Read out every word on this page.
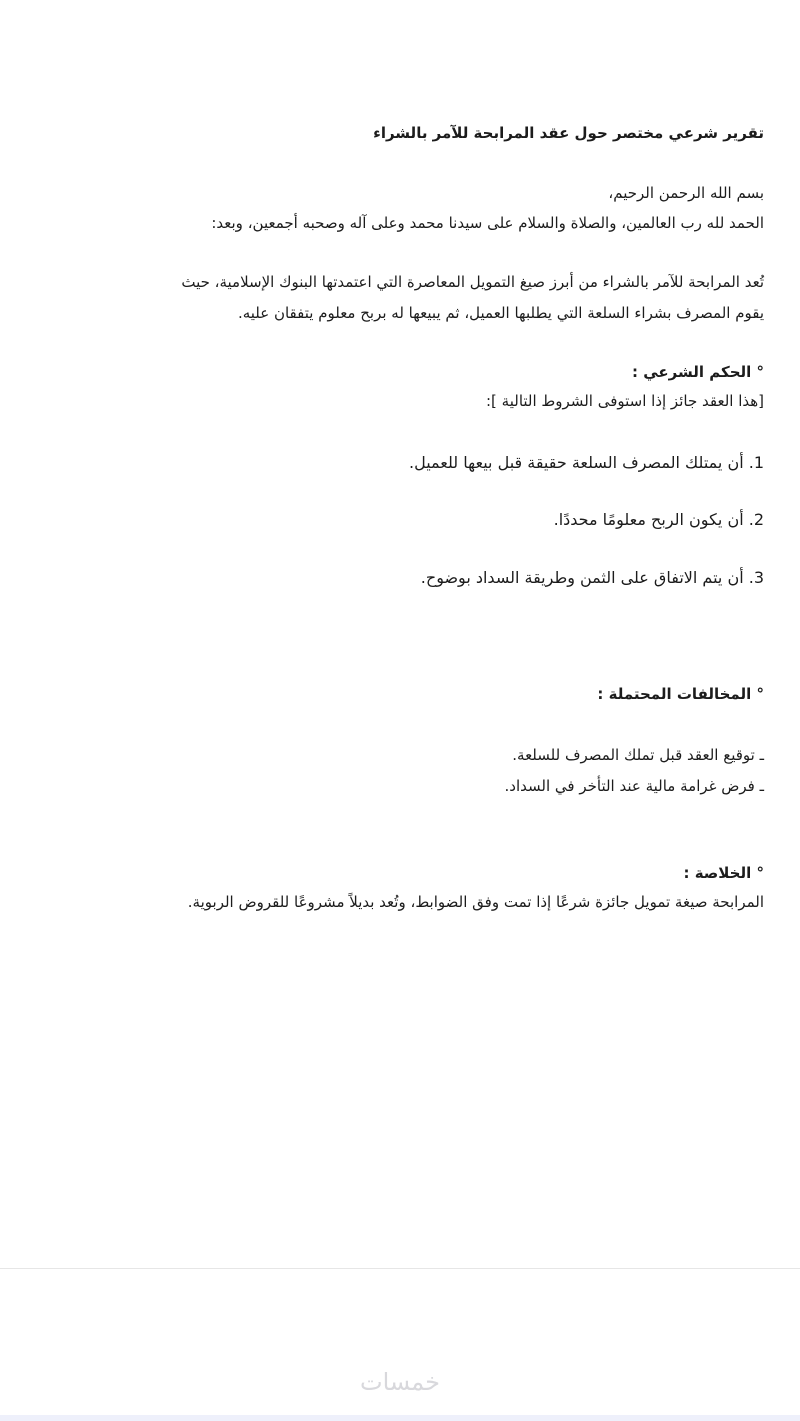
تقرير شرعي مختصر حول عقد المرابحة للآمر بالشراء
بسم الله الرحمن الرحيم،
الحمد لله رب العالمين، والصلاة والسلام على سيدنا محمد وعلى آله وصحبه أجمعين، وبعد:
تُعد المرابحة للآمر بالشراء من أبرز صيغ التمويل المعاصرة التي اعتمدتها البنوك الإسلامية، حيث
يقوم المصرف بشراء السلعة التي يطلبها العميل، ثم يبيعها له بربح معلوم يتفقان عليه.
° الحكم الشرعي :
[هذا العقد جائز إذا استوفى الشروط التالية ]:
1. أن يمتلك المصرف السلعة حقيقة قبل بيعها للعميل.
2. أن يكون الربح معلومًا محددًا.
3. أن يتم الاتفاق على الثمن وطريقة السداد بوضوح.
° المخالفات المحتملة :
ـ توقيع العقد قبل تملك المصرف للسلعة.
ـ فرض غرامة مالية عند التأخر في السداد.
° الخلاصة :
المرابحة صيغة تمويل جائزة شرعًا إذا تمت وفق الضوابط، وتُعد بديلاً مشروعًا للقروض الربوية.
خمسات
